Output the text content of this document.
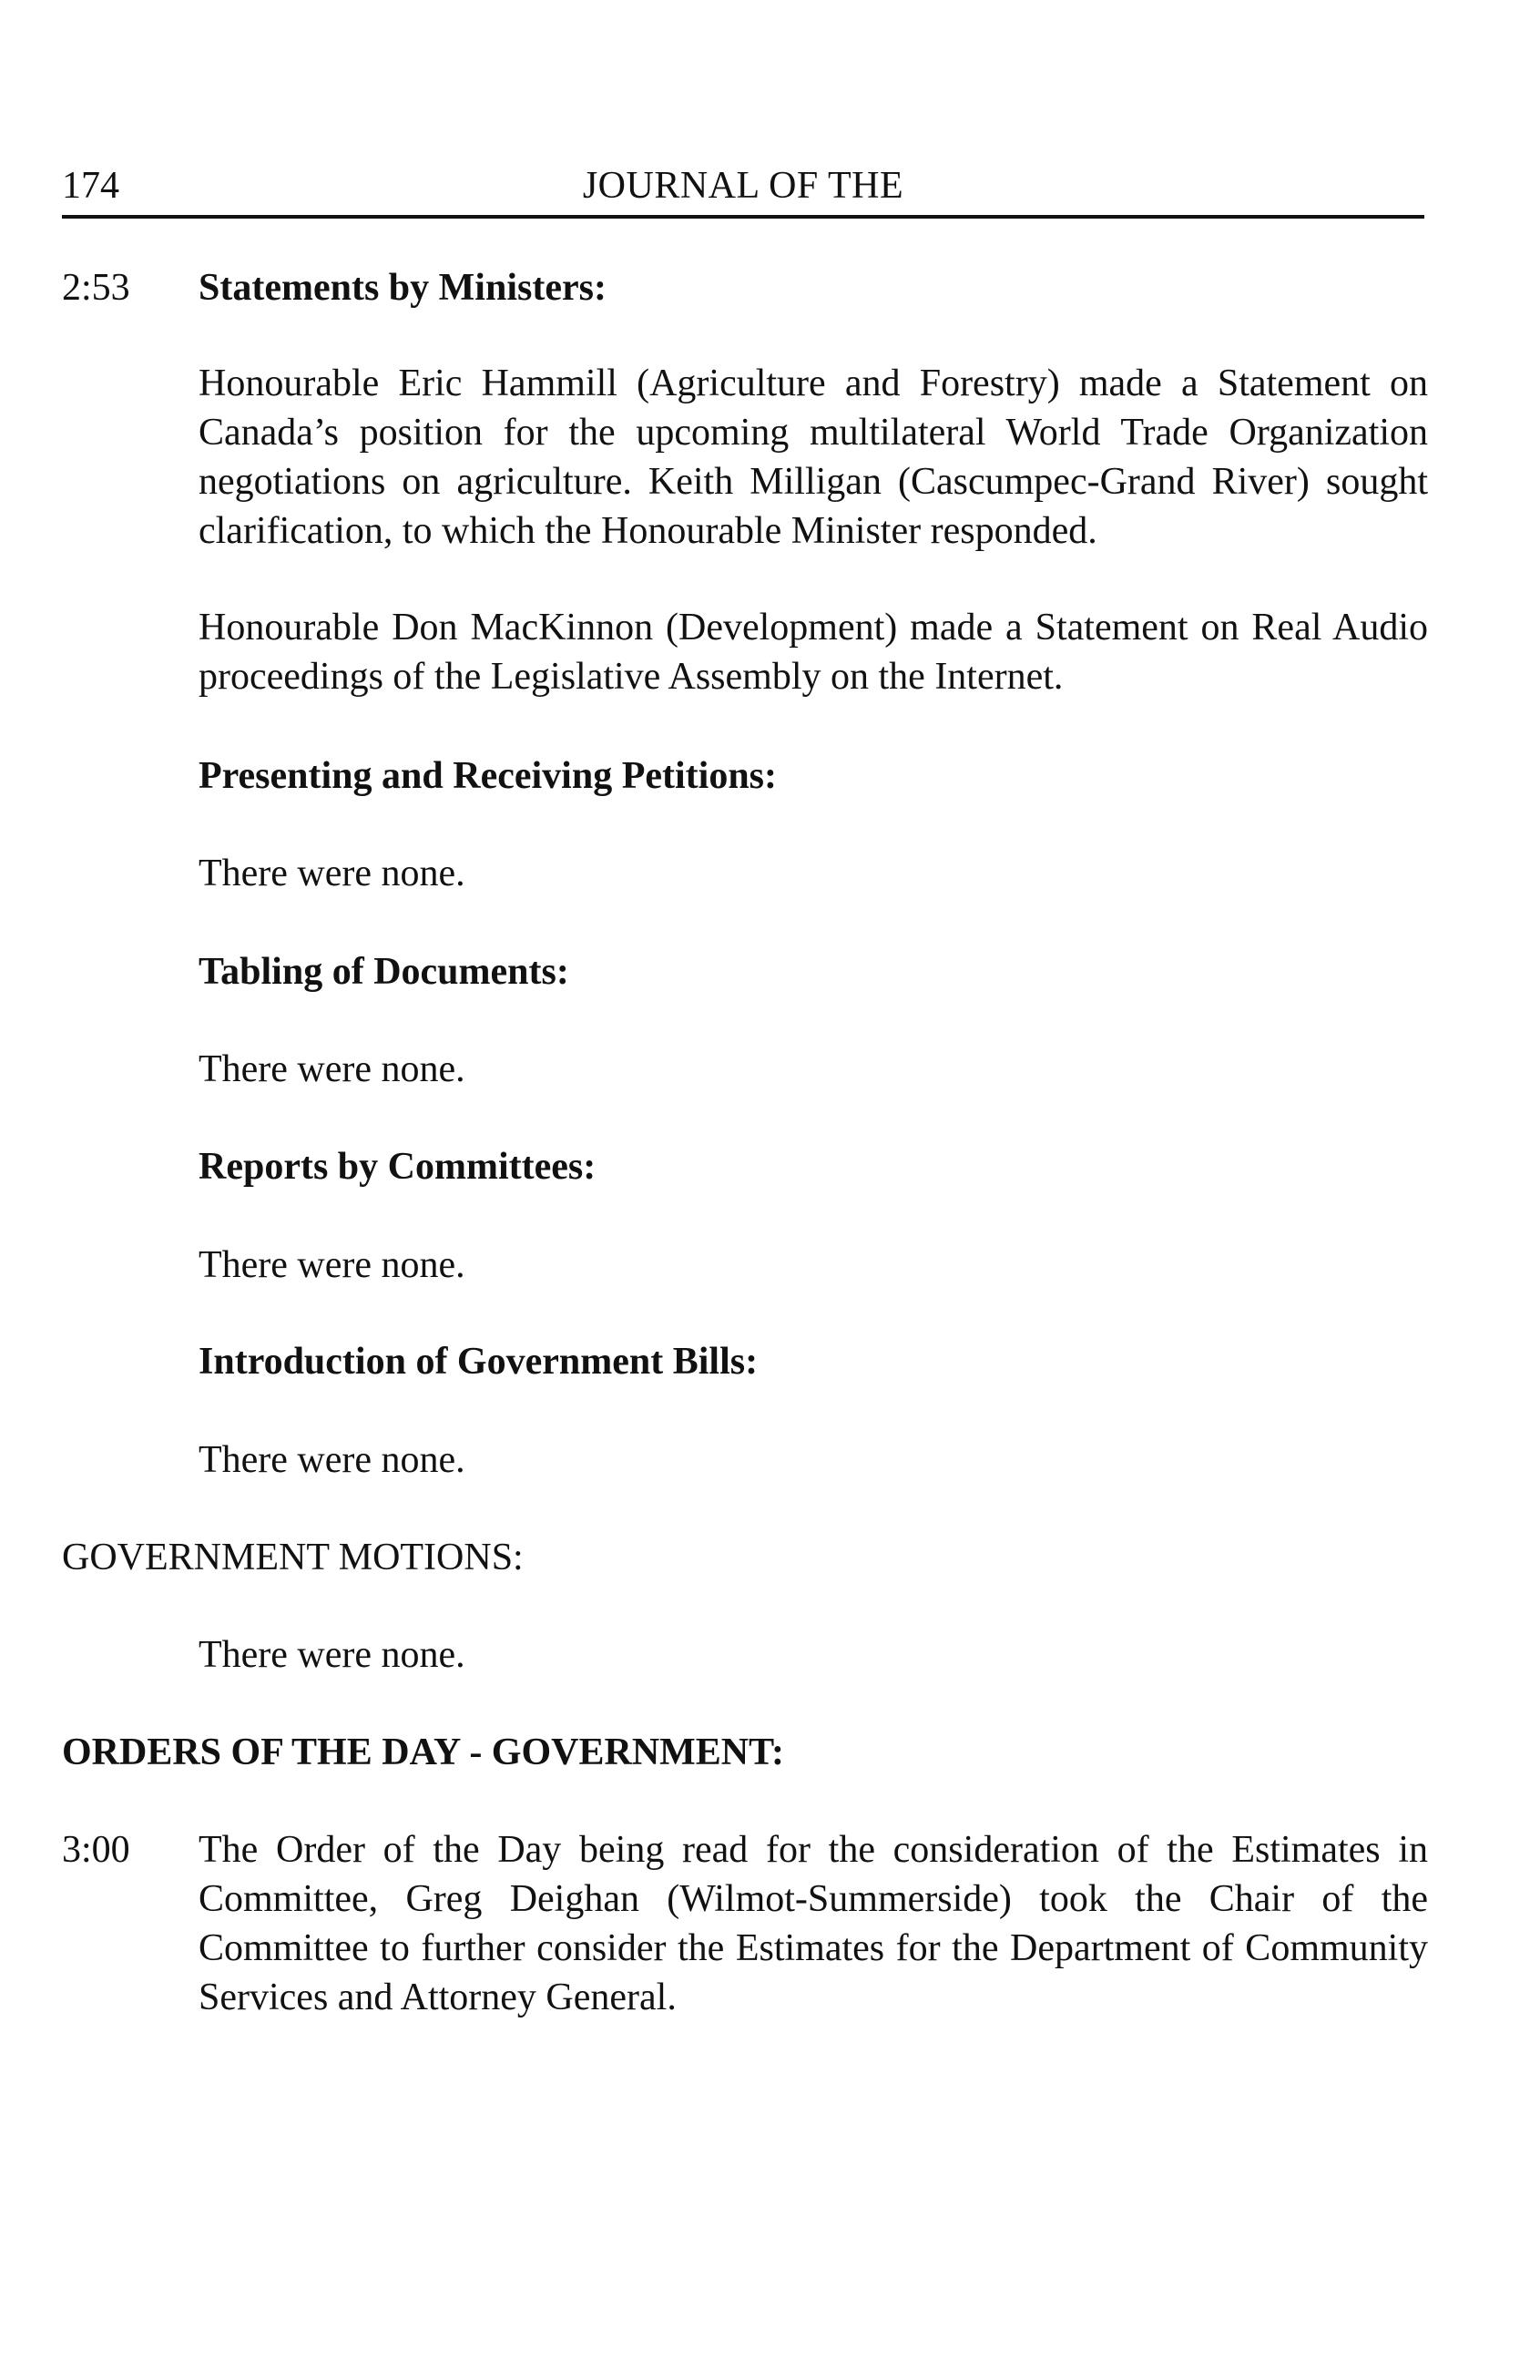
174	JOURNAL OF THE
2:53 Statements by Ministers:
Honourable Eric Hammill (Agriculture and Forestry) made a Statement on Canada’s position for the upcoming multilateral World Trade Organization negotiations on agriculture. Keith Milligan (Cascumpec-Grand River) sought clarification, to which the Honourable Minister responded.
Honourable Don MacKinnon (Development) made a Statement on Real Audio proceedings of the Legislative Assembly on the Internet.
Presenting and Receiving Petitions:
There were none.
Tabling of Documents:
There were none.
Reports by Committees:
There were none.
Introduction of Government Bills:
There were none.
GOVERNMENT MOTIONS:
There were none.
ORDERS OF THE DAY - GOVERNMENT:
3:00 The Order of the Day being read for the consideration of the Estimates in Committee, Greg Deighan (Wilmot-Summerside) took the Chair of the Committee to further consider the Estimates for the Department of Community Services and Attorney General.
